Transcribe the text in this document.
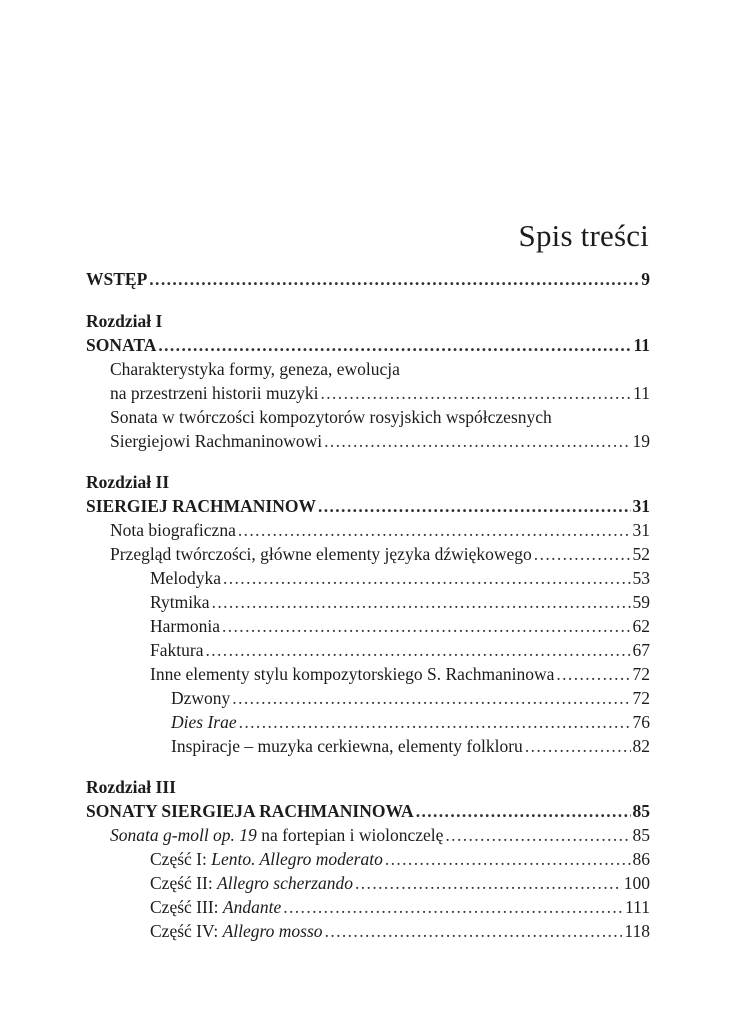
Spis treści
WSTĘP .....	9
Rozdział I
SONATA .....	11
Charakterystyka formy, geneza, ewolucja
na przestrzeni historii muzyki .....	11
Sonata w twórczości kompozytorów rosyjskich współczesnych
Siergiejowi Rachmaninowowi .....	19
Rozdział II
SIERGIEJ RACHMANINOW .....	31
Nota biograficzna .....	31
Przegląd twórczości, główne elementy języka dźwiękowego .....	52
Melodyka .....	53
Rytmika .....	59
Harmonia .....	62
Faktura .....	67
Inne elementy stylu kompozytorskiego S. Rachmaninowa .....	72
Dzwony .....	72
Dies Irae .....	76
Inspiracje – muzyka cerkiewna, elementy folkloru .....	82
Rozdział III
SONATY SIERGIEJA RACHMANINOWA .....	85
Sonata g-moll op. 19 na fortepian i wiolonczelę .....	85
Część I: Lento. Allegro moderato .....	86
Część II: Allegro scherzando .....	100
Część III: Andante .....	111
Część IV: Allegro mosso .....	118
